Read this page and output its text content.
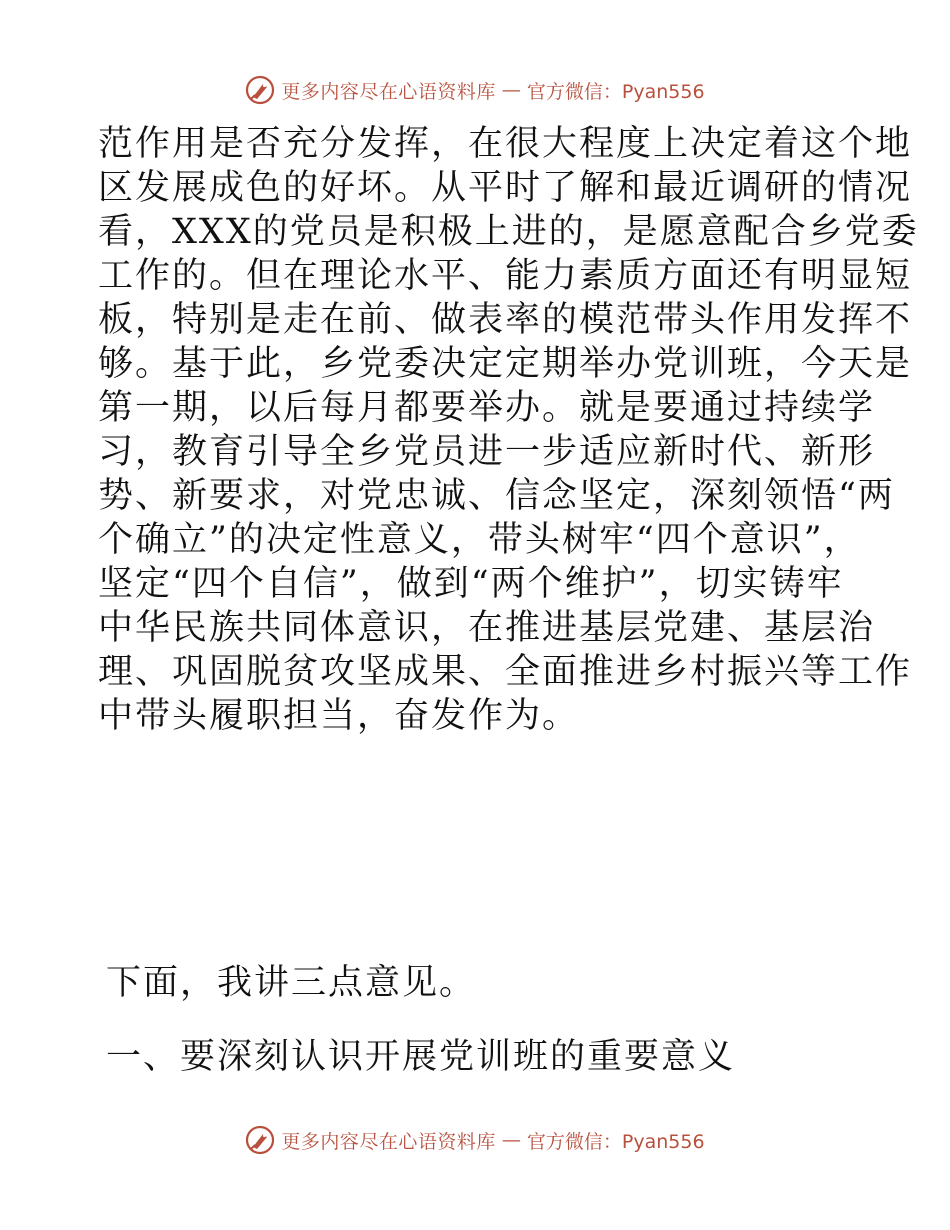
更多内容尽在心语资料库 — 官方微信：Pyan556
范作用是否充分发挥，在很大程度上决定着这个地
区发展成色的好坏。从平时了解和最近调研的情况
看，XXX的党员是积极上进的，是愿意配合乡党委
工作的。但在理论水平、能力素质方面还有明显短
板，特别是走在前、做表率的模范带头作用发挥不
够。基于此，乡党委决定定期举办党训班，今天是
第一期，以后每月都要举办。就是要通过持续学
习，教育引导全乡党员进一步适应新时代、新形
势、新要求，对党忠诚、信念坚定，深刻领悟“两
个确立”的决定性意义，带头树牢“四个意识”，
坚定“四个自信”，做到“两个维护”，切实铸牢
中华民族共同体意识，在推进基层党建、基层治
理、巩固脱贫攻坚成果、全面推进乡村振兴等工作
中带头履职担当，奋发作为。
下面，我讲三点意见。
一、要深刻认识开展党训班的重要意义
更多内容尽在心语资料库 — 官方微信：Pyan556
